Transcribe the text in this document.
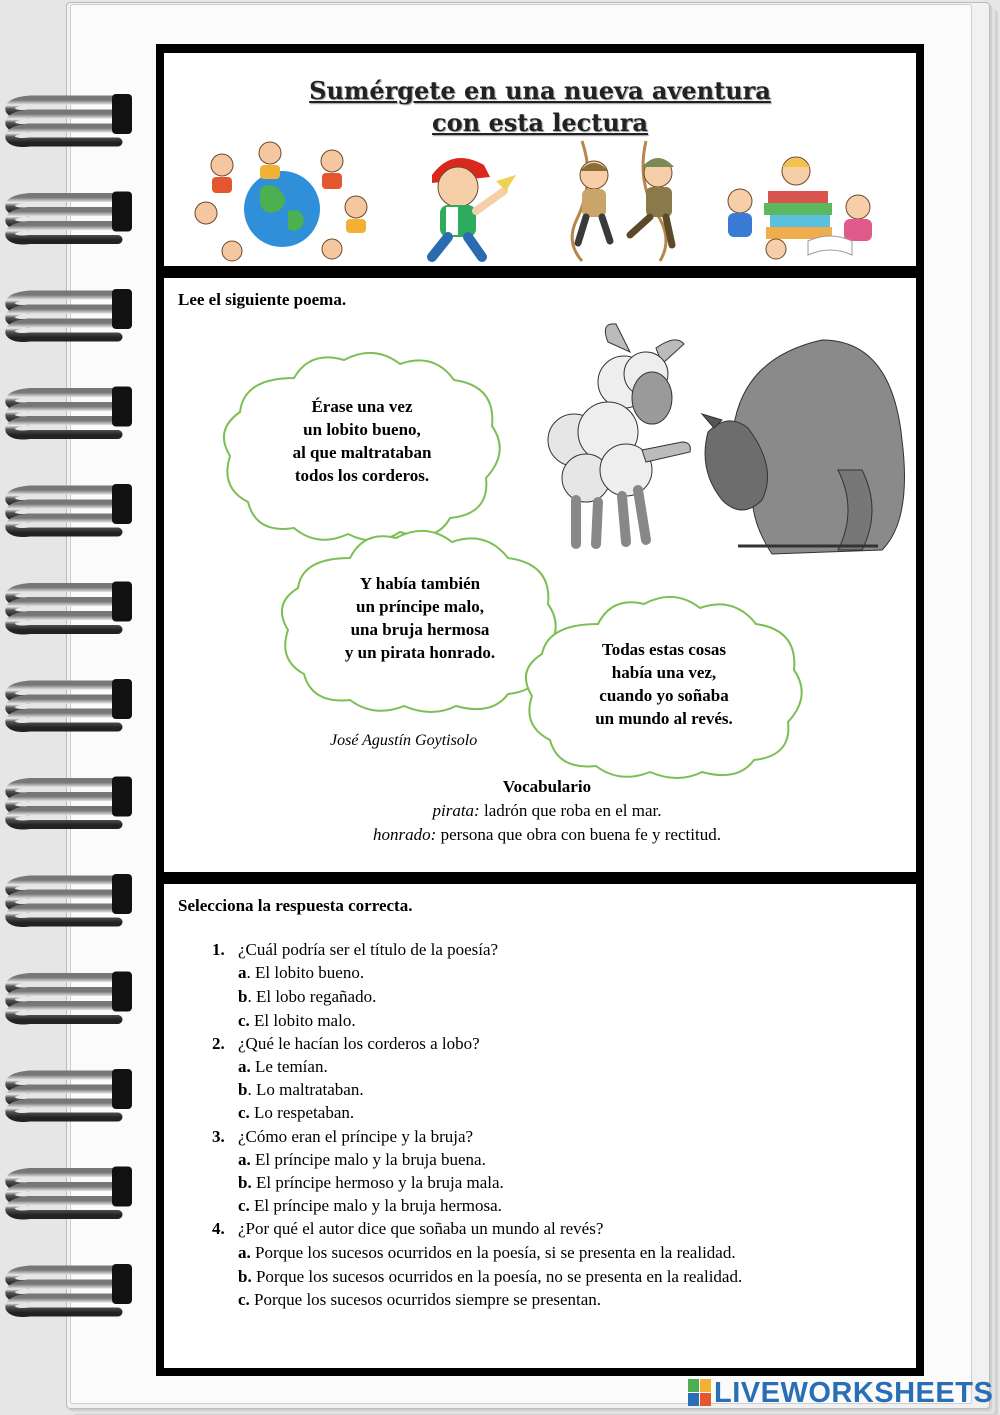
Sumérgete en una nueva aventura
con esta lectura
Lee el siguiente poema.
Érase una vez
un lobito bueno,
al que maltrataban
todos los corderos.
Y había también
un príncipe malo,
una bruja hermosa
y un pirata honrado.	Todas estas cosas
había una vez,
cuando yo soñaba
un mundo al revés.
José Agustín Goytisolo
Vocabulario
pirata: ladrón que roba en el mar.
honrado: persona que obra con buena fe y rectitud.
Selecciona la respuesta correcta.
1. ¿Cuál podría ser el título de la poesía?
a. El lobito bueno.
b. El lobo regañado.
c. El lobito malo.
2. ¿Qué le hacían los corderos a lobo?
a. Le temían.
b. Lo maltrataban.
c. Lo respetaban.
3. ¿Cómo eran el príncipe y la bruja?
a. El príncipe malo y la bruja buena.
b. El príncipe hermoso y la bruja mala.
c. El príncipe malo y la bruja hermosa.
4. ¿Por qué el autor dice que soñaba un mundo al revés?
a. Porque los sucesos ocurridos en la poesía, si se presenta en la realidad.
b. Porque los sucesos ocurridos en la poesía, no se presenta en la realidad.
c. Porque los sucesos ocurridos siempre se presentan.
LIVEWORKSHEETS
